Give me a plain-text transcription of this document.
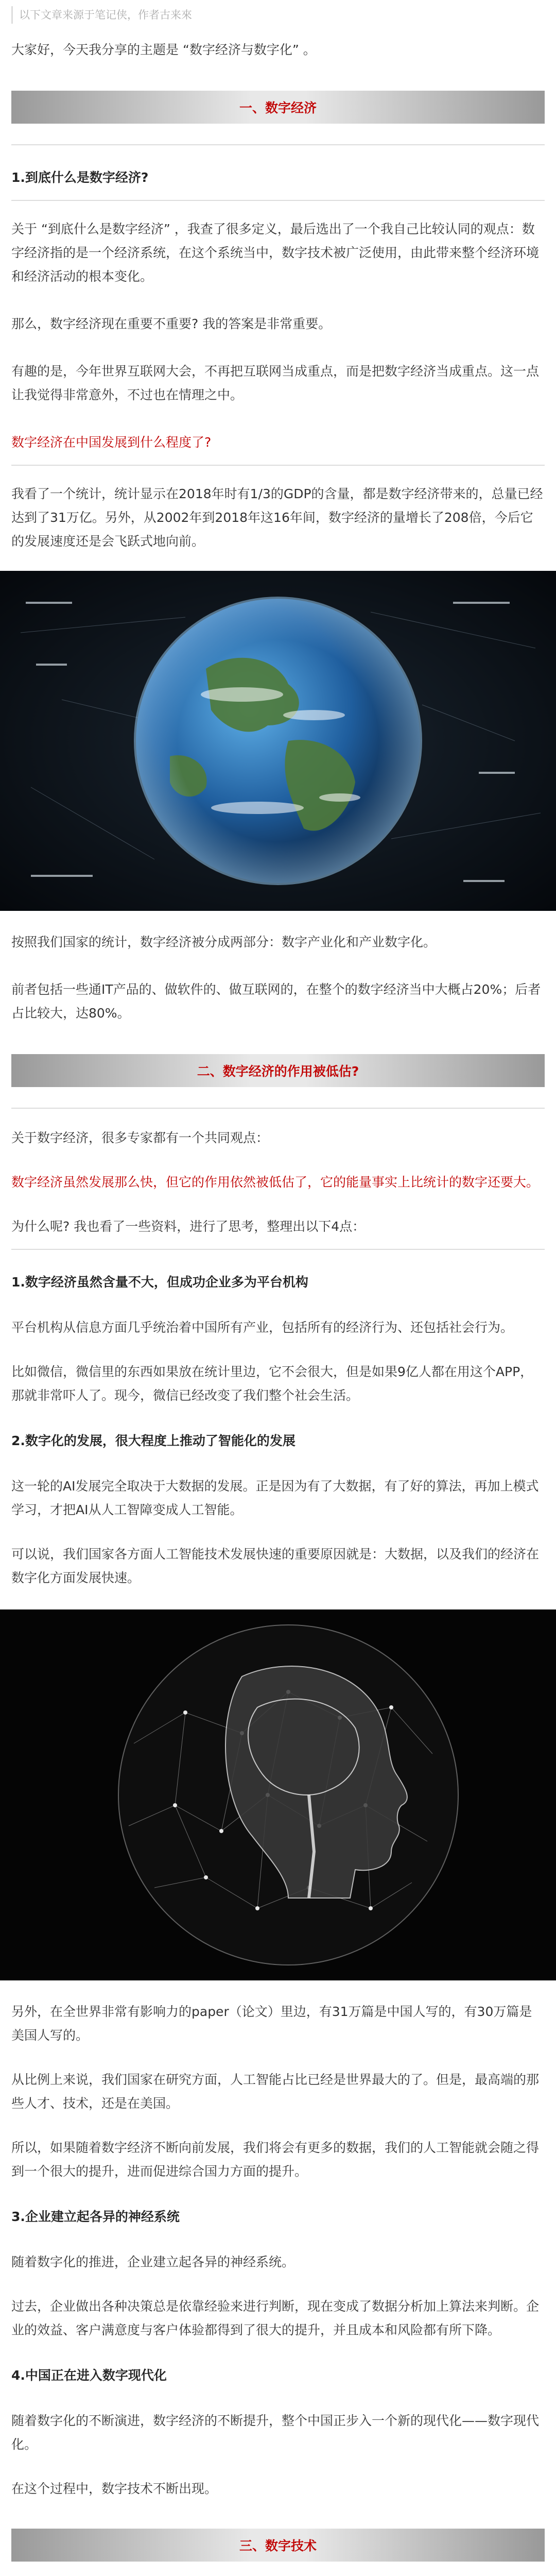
以下文章来源于笔记侠，作者古来來

大家好，今天我分享的主题是 “数字经济与数字化” 。

一、数字经济

1.到底什么是数字经济?

关于 “到底什么是数字经济” ，我查了很多定义，最后选出了一个我自己比较认同的观点：数字经济指的是一个经济系统，在这个系统当中，数字技术被广泛使用，由此带来整个经济环境和经济活动的根本变化。

那么，数字经济现在重要不重要? 我的答案是非常重要。

有趣的是，今年世界互联网大会，不再把互联网当成重点，而是把数字经济当成重点。这一点让我觉得非常意外，不过也在情理之中。

数字经济在中国发展到什么程度了?

我看了一个统计，统计显示在2018年时有1/3的GDP的含量，都是数字经济带来的，总量已经达到了31万亿。另外，从2002年到2018年这16年间，数字经济的量增长了208倍，今后它的发展速度还是会飞跃式地向前。

按照我们国家的统计，数字经济被分成两部分：数字产业化和产业数字化。

前者包括一些通IT产品的、做软件的、做互联网的，在整个的数字经济当中大概占20%；后者占比较大，达80%。

二、数字经济的作用被低估?

关于数字经济，很多专家都有一个共同观点：

数字经济虽然发展那么快，但它的作用依然被低估了，它的能量事实上比统计的数字还要大。

为什么呢? 我也看了一些资料，进行了思考，整理出以下4点：

1.数字经济虽然含量不大，但成功企业多为平台机构

平台机构从信息方面几乎统治着中国所有产业，包括所有的经济行为、还包括社会行为。

比如微信，微信里的东西如果放在统计里边，它不会很大，但是如果9亿人都在用这个APP，那就非常吓人了。现今，微信已经改变了我们整个社会生活。

2.数字化的发展，很大程度上推动了智能化的发展

这一轮的AI发展完全取决于大数据的发展。正是因为有了大数据，有了好的算法，再加上模式学习，才把AI从人工智障变成人工智能。

可以说，我们国家各方面人工智能技术发展快速的重要原因就是：大数据，以及我们的经济在数字化方面发展快速。

另外，在全世界非常有影响力的paper（论文）里边，有31万篇是中国人写的，有30万篇是美国人写的。

从比例上来说，我们国家在研究方面，人工智能占比已经是世界最大的了。但是，最高端的那些人才、技术，还是在美国。

所以，如果随着数字经济不断向前发展，我们将会有更多的数据，我们的人工智能就会随之得到一个很大的提升，进而促进综合国力方面的提升。

3.企业建立起各异的神经系统

随着数字化的推进，企业建立起各异的神经系统。

过去，企业做出各种决策总是依靠经验来进行判断，现在变成了数据分析加上算法来判断。企业的效益、客户满意度与客户体验都得到了很大的提升，并且成本和风险都有所下降。

4.中国正在进入数字现代化

随着数字化的不断演进，数字经济的不断提升，整个中国正步入一个新的现代化——数字现代化。

在这个过程中，数字技术不断出现。

三、数字技术
